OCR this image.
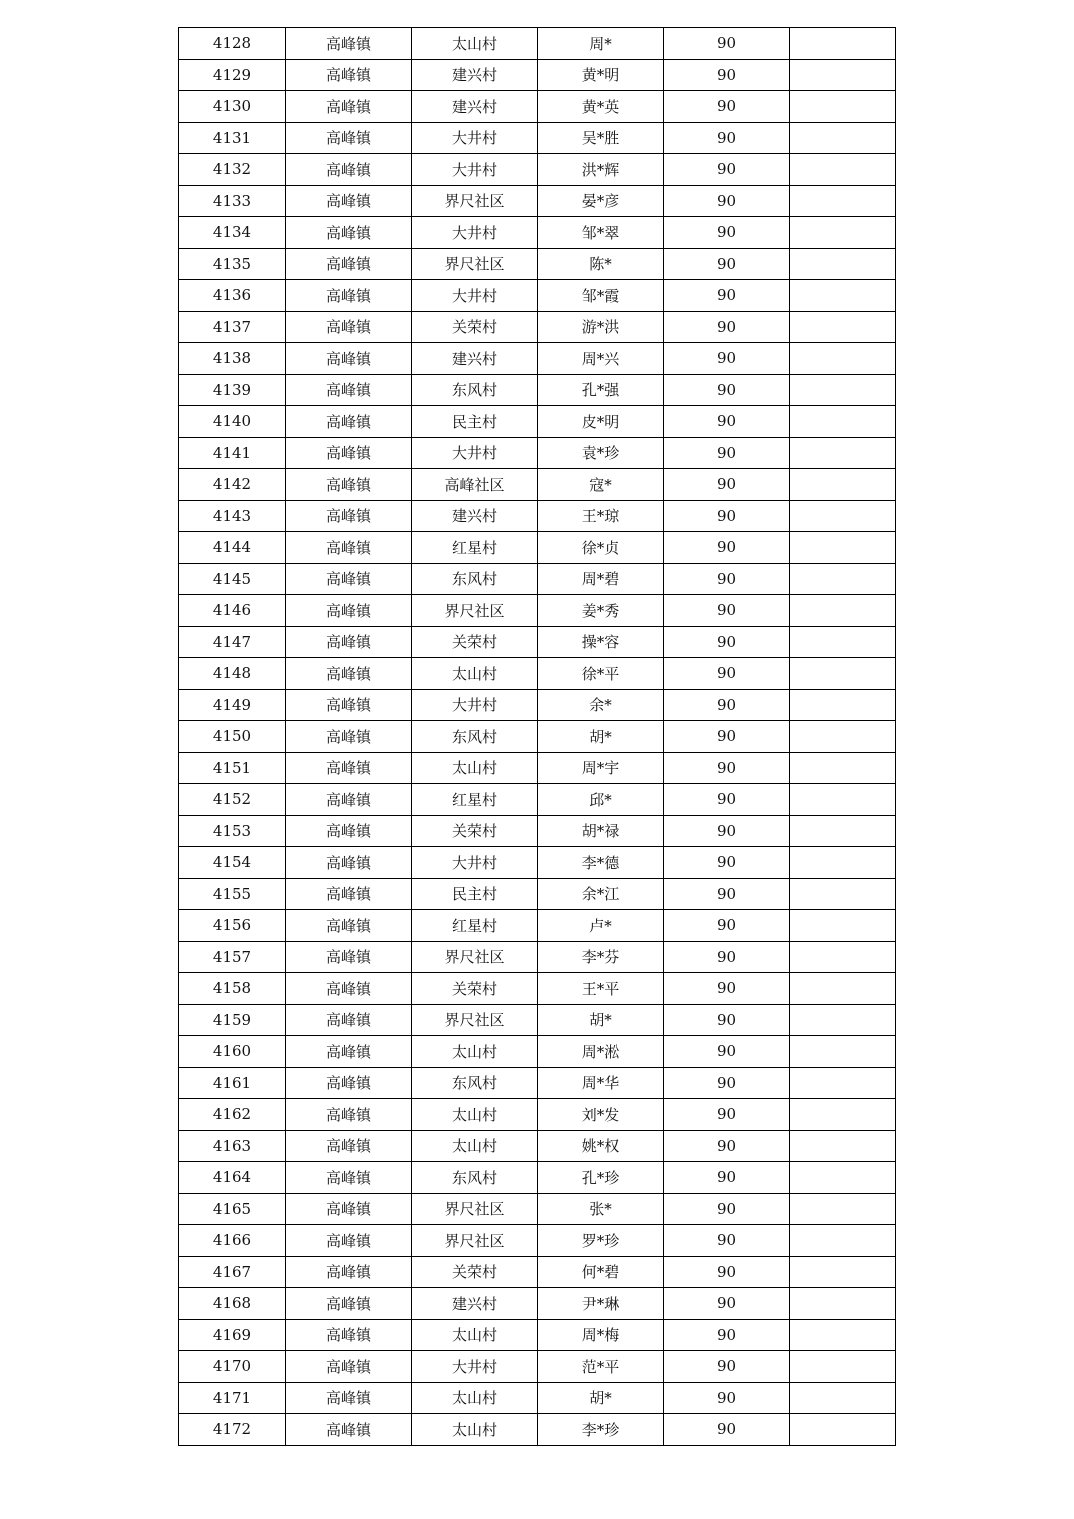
4128	高峰镇	太山村	周*	90	
4129	高峰镇	建兴村	黄*明	90	
4130	高峰镇	建兴村	黄*英	90	
4131	高峰镇	大井村	吴*胜	90	
4132	高峰镇	大井村	洪*辉	90	
4133	高峰镇	界尺社区	晏*彦	90	
4134	高峰镇	大井村	邹*翠	90	
4135	高峰镇	界尺社区	陈*	90	
4136	高峰镇	大井村	邹*霞	90	
4137	高峰镇	关荣村	游*洪	90	
4138	高峰镇	建兴村	周*兴	90	
4139	高峰镇	东风村	孔*强	90	
4140	高峰镇	民主村	皮*明	90	
4141	高峰镇	大井村	袁*珍	90	
4142	高峰镇	高峰社区	寇*	90	
4143	高峰镇	建兴村	王*琼	90	
4144	高峰镇	红星村	徐*贞	90	
4145	高峰镇	东风村	周*碧	90	
4146	高峰镇	界尺社区	姜*秀	90	
4147	高峰镇	关荣村	操*容	90	
4148	高峰镇	太山村	徐*平	90	
4149	高峰镇	大井村	余*	90	
4150	高峰镇	东风村	胡*	90	
4151	高峰镇	太山村	周*宇	90	
4152	高峰镇	红星村	邱*	90	
4153	高峰镇	关荣村	胡*禄	90	
4154	高峰镇	大井村	李*德	90	
4155	高峰镇	民主村	余*江	90	
4156	高峰镇	红星村	卢*	90	
4157	高峰镇	界尺社区	李*芬	90	
4158	高峰镇	关荣村	王*平	90	
4159	高峰镇	界尺社区	胡*	90	
4160	高峰镇	太山村	周*淞	90	
4161	高峰镇	东风村	周*华	90	
4162	高峰镇	太山村	刘*发	90	
4163	高峰镇	太山村	姚*权	90	
4164	高峰镇	东风村	孔*珍	90	
4165	高峰镇	界尺社区	张*	90	
4166	高峰镇	界尺社区	罗*珍	90	
4167	高峰镇	关荣村	何*碧	90	
4168	高峰镇	建兴村	尹*琳	90	
4169	高峰镇	太山村	周*梅	90	
4170	高峰镇	大井村	范*平	90	
4171	高峰镇	太山村	胡*	90	
4172	高峰镇	太山村	李*珍	90	
